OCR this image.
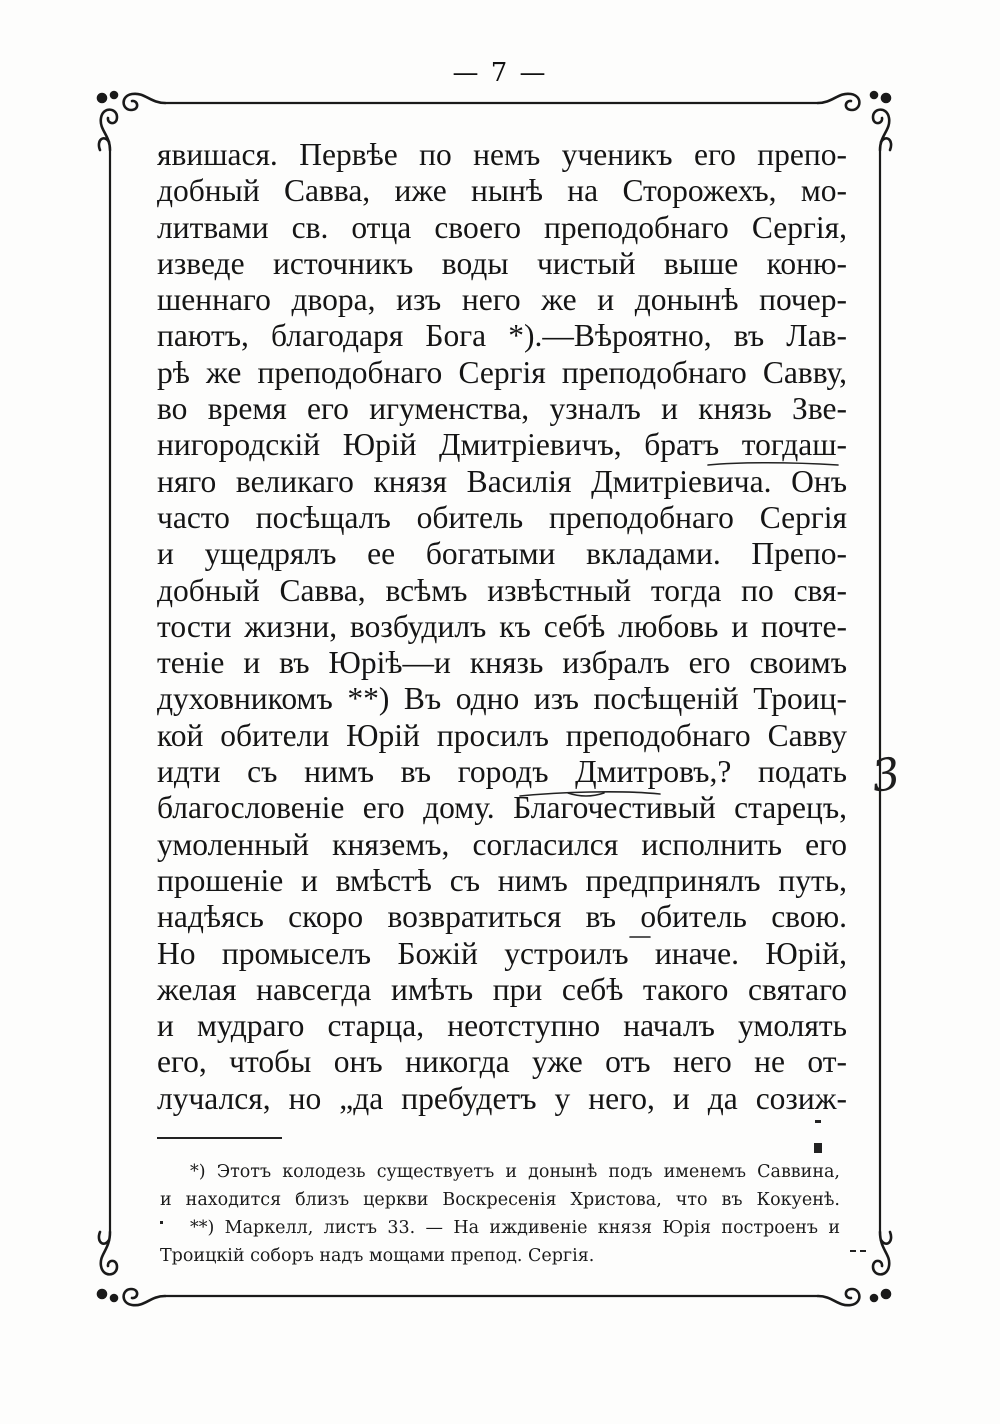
— 7 —
явишася. Первѣе по немъ ученикъ его препо-
добный Савва, иже нынѣ на Сторожехъ, мо-
литвами св. отца своего преподобнаго Сергія,
изведе источникъ воды чистый выше коню-
шеннаго двора, изъ него же и донынѣ почер-
паютъ, благодаря Бога *).—Вѣроятно, въ Лав-
рѣ же преподобнаго Сергія преподобнаго Савву,
во время его игуменства, узналъ и князь Зве-
нигородскій Юрій Дмитріевичъ, братъ тогдаш-
няго великаго князя Василія Дмитріевича. Онъ
часто посѣщалъ обитель преподобнаго Сергія
и ущедрялъ ее богатыми вкладами. Препо-
добный Савва, всѣмъ извѣстный тогда по свя-
тости жизни, возбудилъ къ себѣ любовь и почте-
теніе и въ Юріѣ—и князь избралъ его своимъ
духовникомъ **) Въ одно изъ посѣщеній Троиц-
кой обители Юрій просилъ преподобнаго Савву
идти съ нимъ въ городъ Дмитровъ,? подать
благословеніе его дому. Благочестивый старецъ,
умоленный княземъ, согласился исполнить его
прошеніе и вмѣстѣ съ нимъ предпринялъ путь,
надѣясь скоро возвратиться въ обитель свою.
Но промыселъ Божій устроилъ иначе. Юрій,
желая навсегда имѣть при себѣ такого святаго
и мудраго старца, неотступно началъ умолять
его, чтобы онъ никогда уже отъ него не от-
лучался, но „да пребудетъ у него, и да созиж-
*) Этотъ колодезь существуетъ и донынѣ подъ именемъ Саввина,
и находится близъ церкви Воскресенія Христова, что въ Кокуенѣ.
**) Маркелл, листъ 33. — На иждивеніе князя Юрія построенъ и
Троицкій соборъ надъ мощами препод. Сергія.
3
